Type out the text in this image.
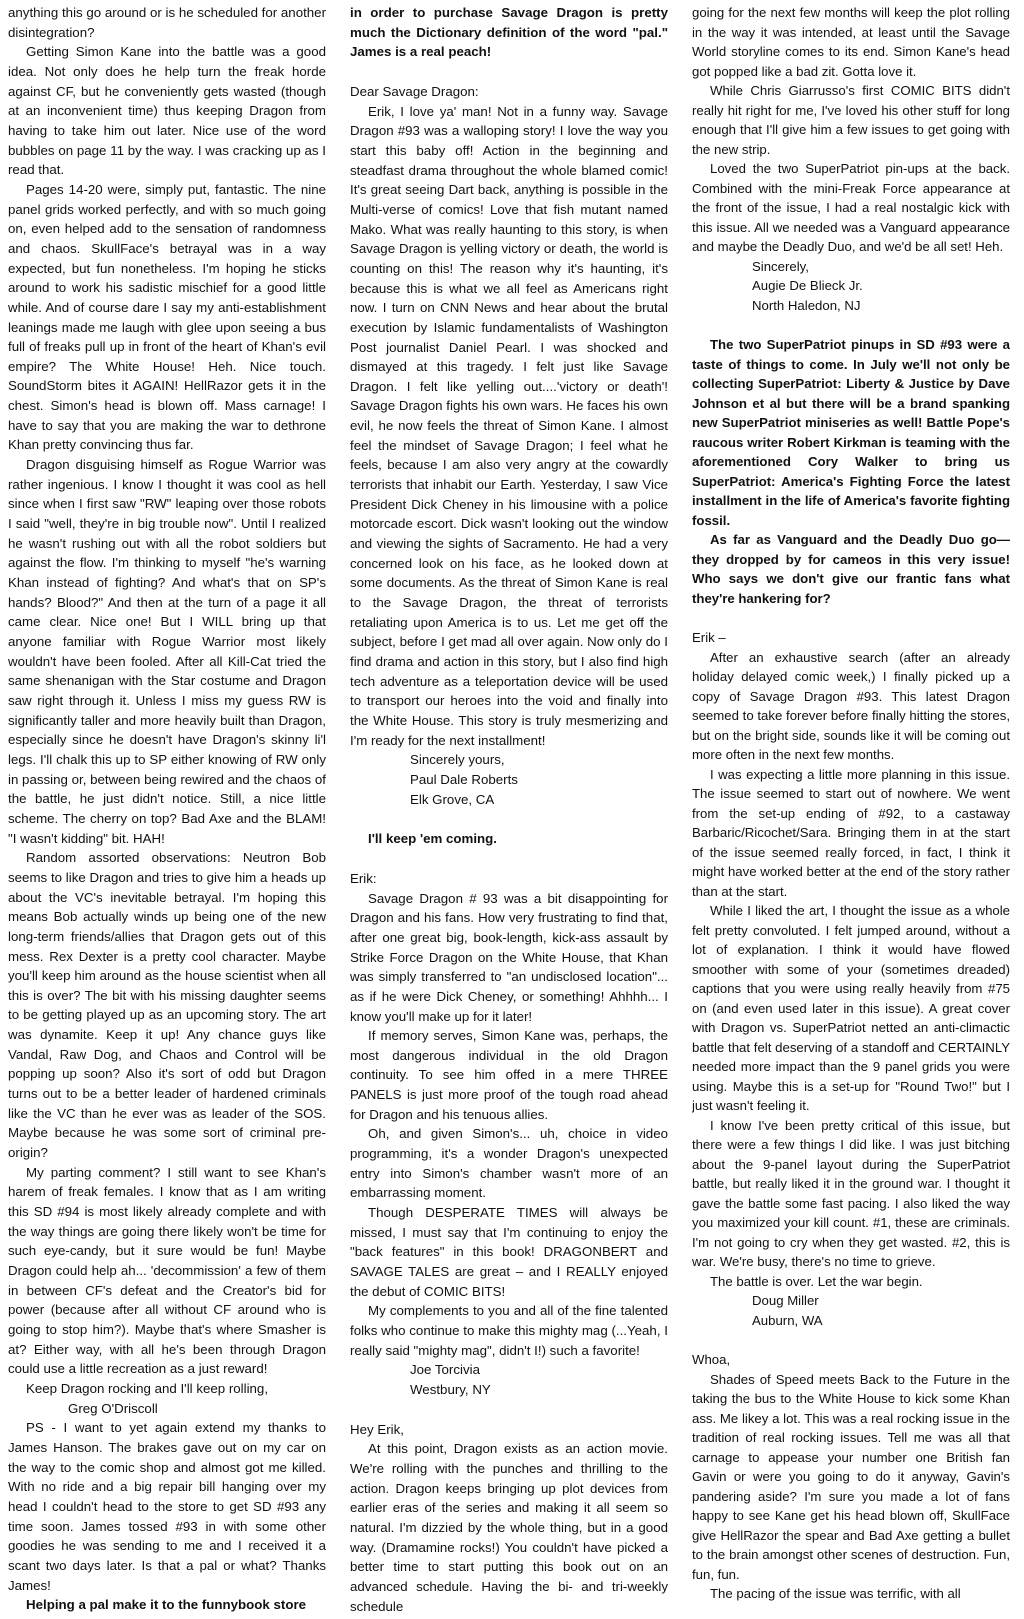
anything this go around or is he scheduled for another disintegration?

Getting Simon Kane into the battle was a good idea. Not only does he help turn the freak horde against CF, but he conveniently gets wasted (though at an inconvenient time) thus keeping Dragon from having to take him out later. Nice use of the word bubbles on page 11 by the way. I was cracking up as I read that.

Pages 14-20 were, simply put, fantastic. The nine panel grids worked perfectly, and with so much going on, even helped add to the sensation of randomness and chaos. SkullFace's betrayal was in a way expected, but fun nonetheless. I'm hoping he sticks around to work his sadistic mischief for a good little while. And of course dare I say my anti-establishment leanings made me laugh with glee upon seeing a bus full of freaks pull up in front of the heart of Khan's evil empire? The White House! Heh. Nice touch. SoundStorm bites it AGAIN! HellRazor gets it in the chest. Simon's head is blown off. Mass carnage! I have to say that you are making the war to dethrone Khan pretty convincing thus far.

Dragon disguising himself as Rogue Warrior was rather ingenious. I know I thought it was cool as hell since when I first saw "RW" leaping over those robots I said "well, they're in big trouble now". Until I realized he wasn't rushing out with all the robot soldiers but against the flow. I'm thinking to myself "he's warning Khan instead of fighting? And what's that on SP's hands? Blood?" And then at the turn of a page it all came clear. Nice one! But I WILL bring up that anyone familiar with Rogue Warrior most likely wouldn't have been fooled. After all Kill-Cat tried the same shenanigan with the Star costume and Dragon saw right through it. Unless I miss my guess RW is significantly taller and more heavily built than Dragon, especially since he doesn't have Dragon's skinny li'l legs. I'll chalk this up to SP either knowing of RW only in passing or, between being rewired and the chaos of the battle, he just didn't notice. Still, a nice little scheme. The cherry on top? Bad Axe and the BLAM! "I wasn't kidding" bit. HAH!

Random assorted observations: Neutron Bob seems to like Dragon and tries to give him a heads up about the VC's inevitable betrayal. I'm hoping this means Bob actually winds up being one of the new long-term friends/allies that Dragon gets out of this mess. Rex Dexter is a pretty cool character. Maybe you'll keep him around as the house scientist when all this is over? The bit with his missing daughter seems to be getting played up as an upcoming story. The art was dynamite. Keep it up! Any chance guys like Vandal, Raw Dog, and Chaos and Control will be popping up soon? Also it's sort of odd but Dragon turns out to be a better leader of hardened criminals like the VC than he ever was as leader of the SOS. Maybe because he was some sort of criminal pre-origin?

My parting comment? I still want to see Khan's harem of freak females. I know that as I am writing this SD #94 is most likely already complete and with the way things are going there likely won't be time for such eye-candy, but it sure would be fun! Maybe Dragon could help ah... 'decommission' a few of them in between CF's defeat and the Creator's bid for power (because after all without CF around who is going to stop him?). Maybe that's where Smasher is at? Either way, with all he's been through Dragon could use a little recreation as a just reward!

Keep Dragon rocking and I'll keep rolling,

Greg O'Driscoll

PS - I want to yet again extend my thanks to James Hanson. The brakes gave out on my car on the way to the comic shop and almost got me killed. With no ride and a big repair bill hanging over my head I couldn't head to the store to get SD #93 any time soon. James tossed #93 in with some other goodies he was sending to me and I received it a scant two days later. Is that a pal or what? Thanks James!

Helping a pal make it to the funnybook store

in order to purchase Savage Dragon is pretty much the Dictionary definition of the word "pal." James is a real peach!

Dear Savage Dragon:

Erik, I love ya' man! Not in a funny way. Savage Dragon #93 was a walloping story! I love the way you start this baby off! Action in the beginning and steadfast drama throughout the whole blamed comic! It's great seeing Dart back, anything is possible in the Multi-verse of comics! Love that fish mutant named Mako. What was really haunting to this story, is when Savage Dragon is yelling victory or death, the world is counting on this! The reason why it's haunting, it's because this is what we all feel as Americans right now. I turn on CNN News and hear about the brutal execution by Islamic fundamentalists of Washington Post journalist Daniel Pearl. I was shocked and dismayed at this tragedy. I felt just like Savage Dragon. I felt like yelling out....'victory or death'! Savage Dragon fights his own wars. He faces his own evil, he now feels the threat of Simon Kane. I almost feel the mindset of Savage Dragon; I feel what he feels, because I am also very angry at the cowardly terrorists that inhabit our Earth. Yesterday, I saw Vice President Dick Cheney in his limousine with a police motorcade escort. Dick wasn't looking out the window and viewing the sights of Sacramento. He had a very concerned look on his face, as he looked down at some documents. As the threat of Simon Kane is real to the Savage Dragon, the threat of terrorists retaliating upon America is to us. Let me get off the subject, before I get mad all over again. Now only do I find drama and action in this story, but I also find high tech adventure as a teleportation device will be used to transport our heroes into the void and finally into the White House. This story is truly mesmerizing and I'm ready for the next installment!

Sincerely yours,

Paul Dale Roberts

Elk Grove, CA

I'll keep 'em coming.

Erik:

Savage Dragon # 93 was a bit disappointing for Dragon and his fans. How very frustrating to find that, after one great big, book-length, kick-ass assault by Strike Force Dragon on the White House, that Khan was simply transferred to "an undisclosed location"... as if he were Dick Cheney, or something! Ahhhh... I know you'll make up for it later!

If memory serves, Simon Kane was, perhaps, the most dangerous individual in the old Dragon continuity. To see him offed in a mere THREE PANELS is just more proof of the tough road ahead for Dragon and his tenuous allies.

Oh, and given Simon's... uh, choice in video programming, it's a wonder Dragon's unexpected entry into Simon's chamber wasn't more of an embarrassing moment.

Though DESPERATE TIMES will always be missed, I must say that I'm continuing to enjoy the "back features" in this book! DRAGONBERT and SAVAGE TALES are great – and I REALLY enjoyed the debut of COMIC BITS!

My complements to you and all of the fine talented folks who continue to make this mighty mag (...Yeah, I really said "mighty mag", didn't I!) such a favorite!

Joe Torcivia

Westbury, NY

Hey Erik,

At this point, Dragon exists as an action movie. We're rolling with the punches and thrilling to the action. Dragon keeps bringing up plot devices from earlier eras of the series and making it all seem so natural. I'm dizzied by the whole thing, but in a good way. (Dramamine rocks!) You couldn't have picked a better time to start putting this book out on an advanced schedule. Having the bi- and tri-weekly schedule

going for the next few months will keep the plot rolling in the way it was intended, at least until the Savage World storyline comes to its end. Simon Kane's head got popped like a bad zit. Gotta love it.

While Chris Giarrusso's first COMIC BITS didn't really hit right for me, I've loved his other stuff for long enough that I'll give him a few issues to get going with the new strip.

Loved the two SuperPatriot pin-ups at the back. Combined with the mini-Freak Force appearance at the front of the issue, I had a real nostalgic kick with this issue. All we needed was a Vanguard appearance and maybe the Deadly Duo, and we'd be all set! Heh.

Sincerely,

Augie De Blieck Jr.

North Haledon, NJ

The two SuperPatriot pinups in SD #93 were a taste of things to come. In July we'll not only be collecting SuperPatriot: Liberty & Justice by Dave Johnson et al but there will be a brand spanking new SuperPatriot miniseries as well! Battle Pope's raucous writer Robert Kirkman is teaming with the aforementioned Cory Walker to bring us SuperPatriot: America's Fighting Force the latest installment in the life of America's favorite fighting fossil.

As far as Vanguard and the Deadly Duo go—they dropped by for cameos in this very issue! Who says we don't give our frantic fans what they're hankering for?

Erik –

After an exhaustive search (after an already holiday delayed comic week,) I finally picked up a copy of Savage Dragon #93. This latest Dragon seemed to take forever before finally hitting the stores, but on the bright side, sounds like it will be coming out more often in the next few months.

I was expecting a little more planning in this issue. The issue seemed to start out of nowhere. We went from the set-up ending of #92, to a castaway Barbaric/Ricochet/Sara. Bringing them in at the start of the issue seemed really forced, in fact, I think it might have worked better at the end of the story rather than at the start.

While I liked the art, I thought the issue as a whole felt pretty convoluted. I felt jumped around, without a lot of explanation. I think it would have flowed smoother with some of your (sometimes dreaded) captions that you were using really heavily from #75 on (and even used later in this issue). A great cover with Dragon vs. SuperPatriot netted an anti-climactic battle that felt deserving of a standoff and CERTAINLY needed more impact than the 9 panel grids you were using. Maybe this is a set-up for "Round Two!" but I just wasn't feeling it.

I know I've been pretty critical of this issue, but there were a few things I did like. I was just bitching about the 9-panel layout during the SuperPatriot battle, but really liked it in the ground war. I thought it gave the battle some fast pacing. I also liked the way you maximized your kill count. #1, these are criminals. I'm not going to cry when they get wasted. #2, this is war. We're busy, there's no time to grieve.

The battle is over. Let the war begin.

Doug Miller

Auburn, WA

Whoa,

Shades of Speed meets Back to the Future in the taking the bus to the White House to kick some Khan ass. Me likey a lot. This was a real rocking issue in the tradition of real rocking issues. Tell me was all that carnage to appease your number one British fan Gavin or were you going to do it anyway, Gavin's pandering aside? I'm sure you made a lot of fans happy to see Kane get his head blown off, SkullFace give HellRazor the spear and Bad Axe getting a bullet to the brain amongst other scenes of destruction. Fun, fun, fun.

The pacing of the issue was terrific, with all
